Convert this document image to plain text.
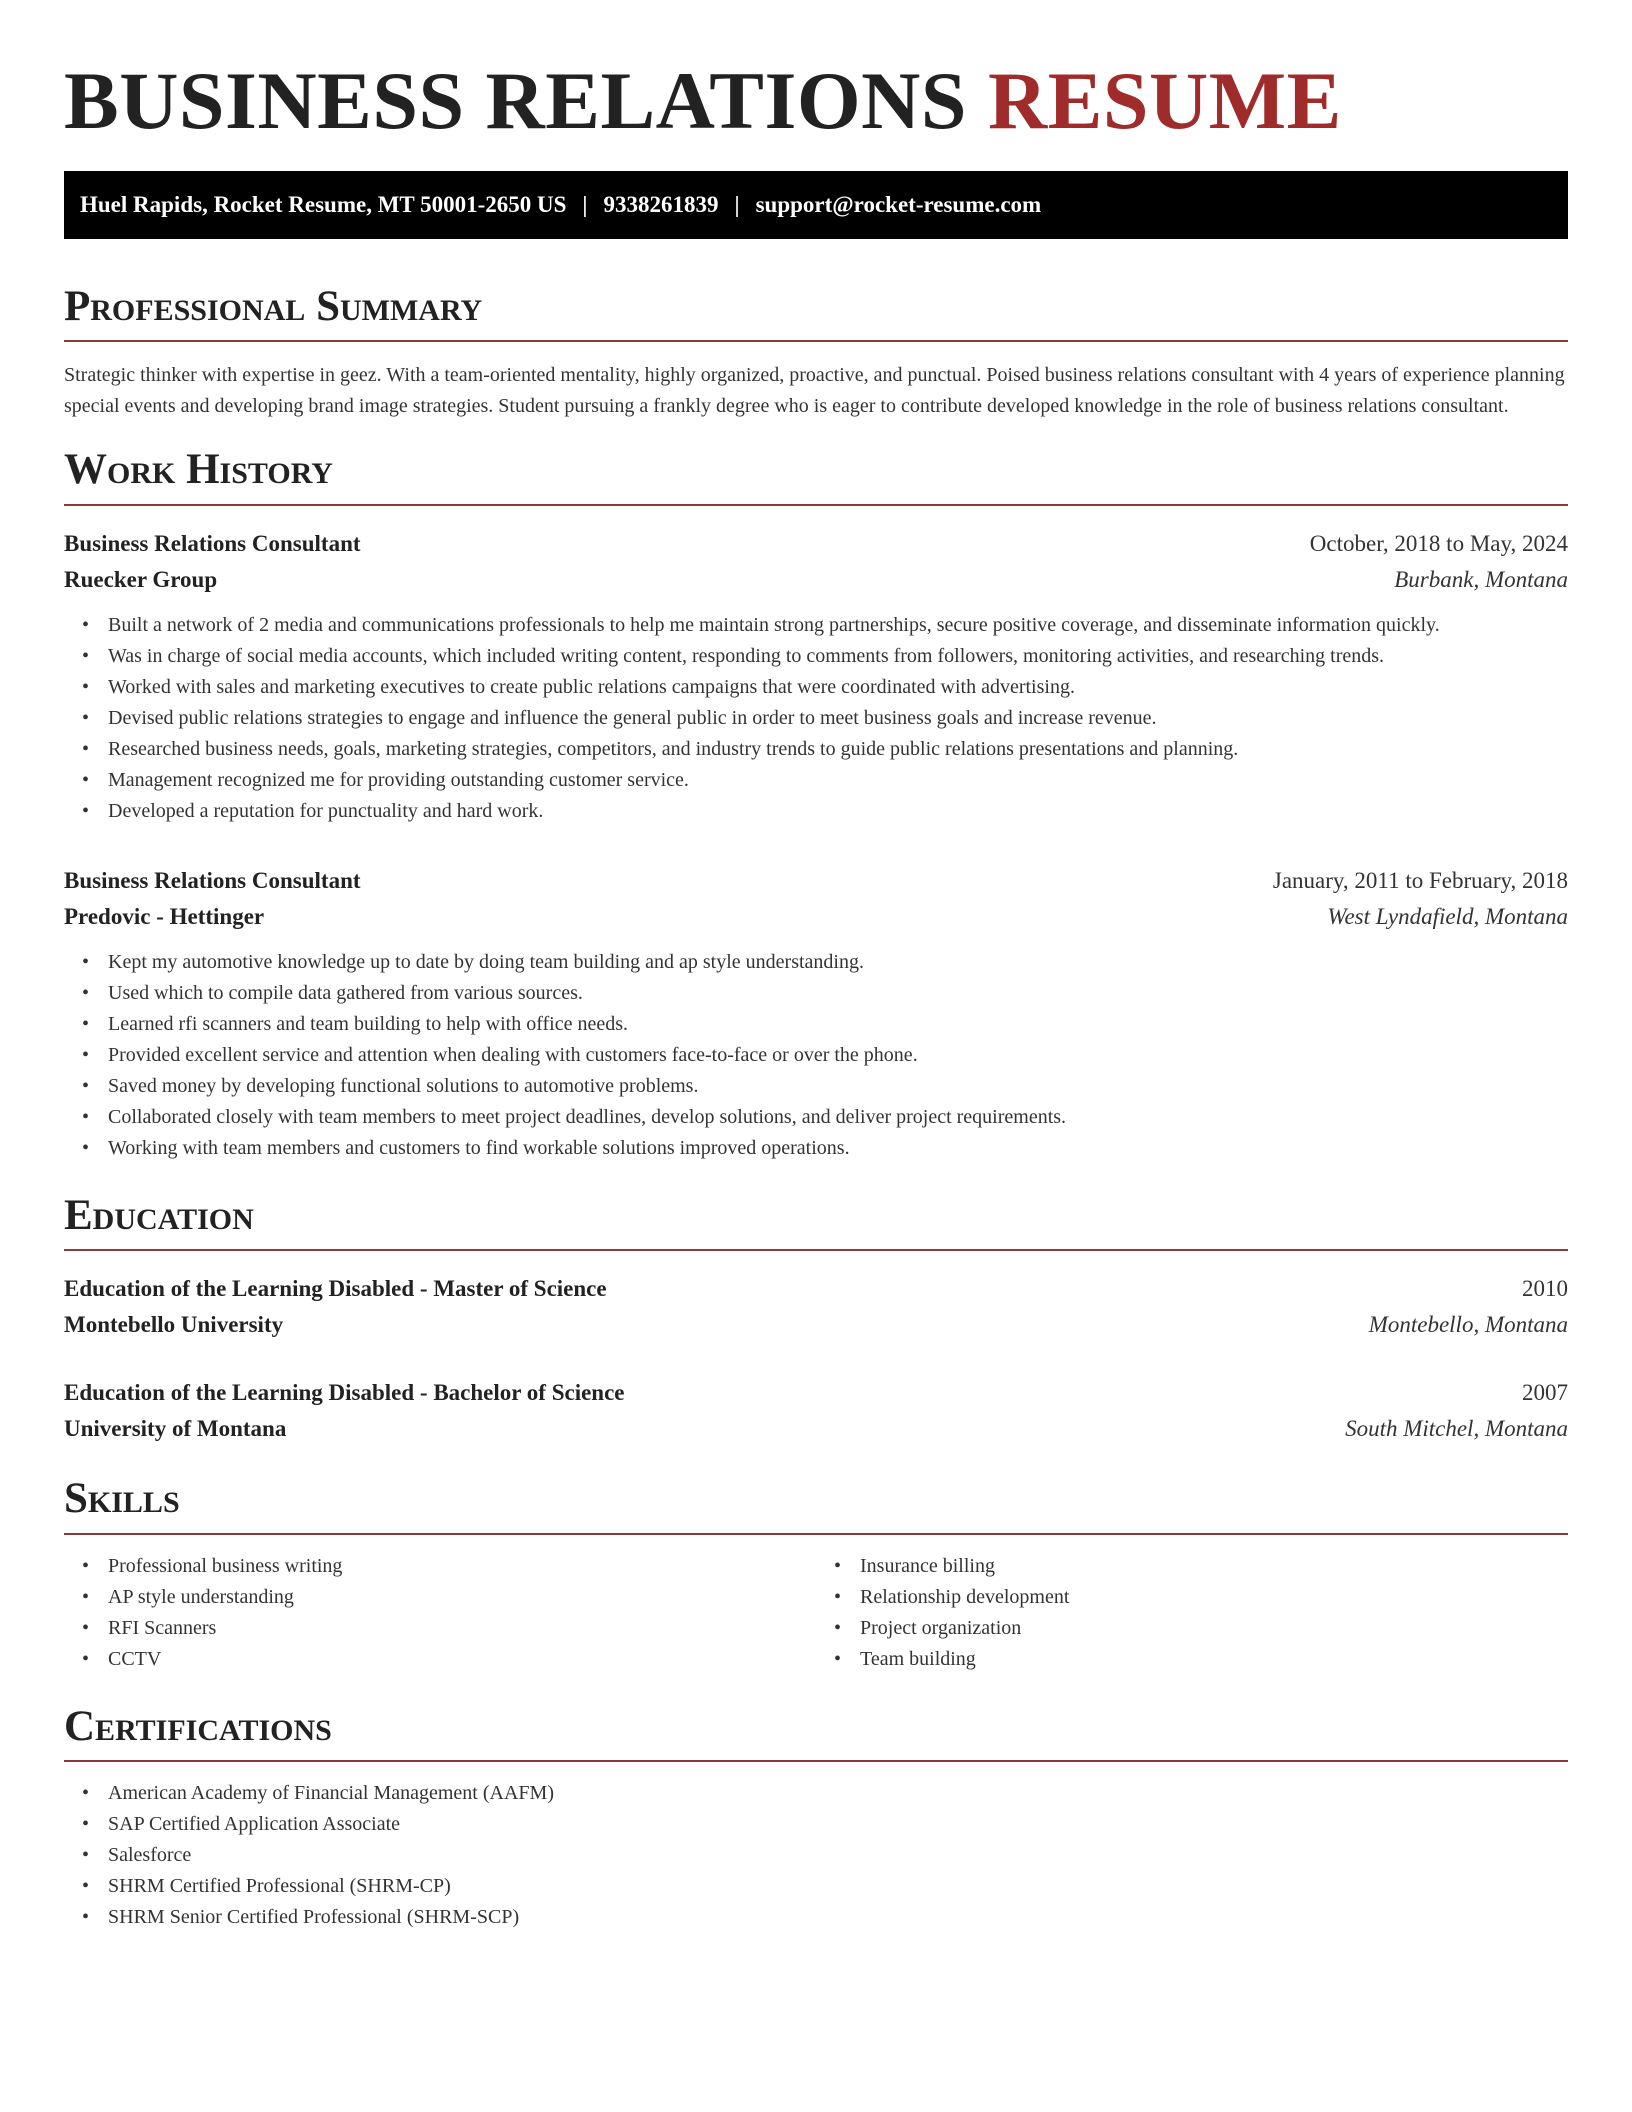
BUSINESS RELATIONS RESUME
Huel Rapids, Rocket Resume, MT 50001-2650 US | 9338261839 | support@rocket-resume.com
Professional Summary

Strategic thinker with expertise in geez. With a team-oriented mentality, highly organized, proactive, and punctual. Poised business relations consultant with 4 years of experience planning special events and developing brand image strategies. Student pursuing a frankly degree who is eager to contribute developed knowledge in the role of business relations consultant.

Work History
Business Relations Consultant	October, 2018 to May, 2024
Ruecker Group	Burbank, Montana
• Built a network of 2 media and communications professionals to help me maintain strong partnerships, secure positive coverage, and disseminate information quickly.
• Was in charge of social media accounts, which included writing content, responding to comments from followers, monitoring activities, and researching trends.
• Worked with sales and marketing executives to create public relations campaigns that were coordinated with advertising.
• Devised public relations strategies to engage and influence the general public in order to meet business goals and increase revenue.
• Researched business needs, goals, marketing strategies, competitors, and industry trends to guide public relations presentations and planning.
• Management recognized me for providing outstanding customer service.
• Developed a reputation for punctuality and hard work.
Business Relations Consultant	January, 2011 to February, 2018
Predovic - Hettinger	West Lyndafield, Montana
• Kept my automotive knowledge up to date by doing team building and ap style understanding.
• Used which to compile data gathered from various sources.
• Learned rfi scanners and team building to help with office needs.
• Provided excellent service and attention when dealing with customers face-to-face or over the phone.
• Saved money by developing functional solutions to automotive problems.
• Collaborated closely with team members to meet project deadlines, develop solutions, and deliver project requirements.
• Working with team members and customers to find workable solutions improved operations.
Education
Education of the Learning Disabled - Master of Science	2010
Montebello University	Montebello, Montana
Education of the Learning Disabled - Bachelor of Science	2007
University of Montana	South Mitchel, Montana
Skills
• Professional business writing
• AP style understanding
• RFI Scanners
• CCTV
• Insurance billing
• Relationship development
• Project organization
• Team building
Certifications
• American Academy of Financial Management (AAFM)
• SAP Certified Application Associate
• Salesforce
• SHRM Certified Professional (SHRM-CP)
• SHRM Senior Certified Professional (SHRM-SCP)
